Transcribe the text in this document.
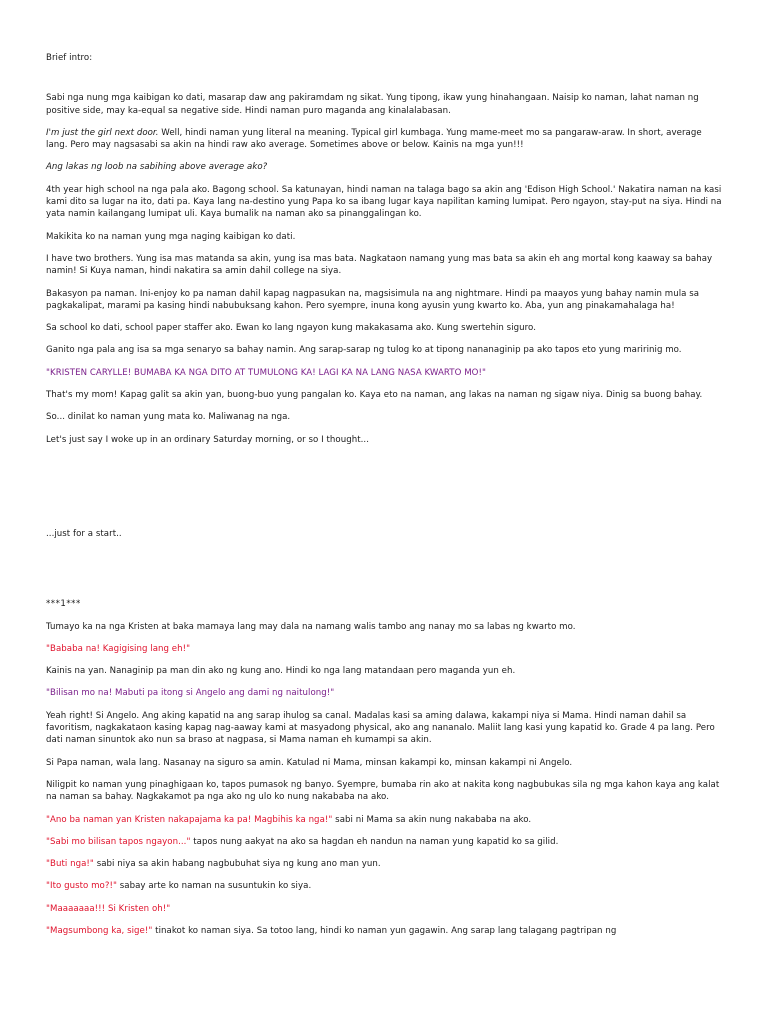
Brief intro:

Sabi nga nung mga kaibigan ko dati, masarap daw ang pakiramdam ng sikat. Yung tipong, ikaw yung hinahangaan. Naisip ko naman, lahat naman ng positive side, may ka-equal sa negative side. Hindi naman puro maganda ang kinalalabasan.

I'm just the girl next door. Well, hindi naman yung literal na meaning. Typical girl kumbaga. Yung mame-meet mo sa pangaraw-araw. In short, average lang. Pero may nagsasabi sa akin na hindi raw ako average. Sometimes above or below. Kainis na mga yun!!!

Ang lakas ng loob na sabihing above average ako?

4th year high school na nga pala ako. Bagong school. Sa katunayan, hindi naman na talaga bago sa akin ang 'Edison High School.' Nakatira naman na kasi kami dito sa lugar na ito, dati pa. Kaya lang na-destino yung Papa ko sa ibang lugar kaya napilitan kaming lumipat. Pero ngayon, stay-put na siya. Hindi na yata namin kailangang lumipat uli. Kaya bumalik na naman ako sa pinanggalingan ko.

Makikita ko na naman yung mga naging kaibigan ko dati.

I have two brothers. Yung isa mas matanda sa akin, yung isa mas bata. Nagkataon namang yung mas bata sa akin eh ang mortal kong kaaway sa bahay namin! Si Kuya naman, hindi nakatira sa amin dahil college na siya.

Bakasyon pa naman. Ini-enjoy ko pa naman dahil kapag nagpasukan na, magsisimula na ang nightmare. Hindi pa maayos yung bahay namin mula sa pagkakalipat, marami pa kasing hindi nabubuksang kahon. Pero syempre, inuna kong ayusin yung kwarto ko. Aba, yun ang pinakamahalaga ha!

Sa school ko dati, school paper staffer ako. Ewan ko lang ngayon kung makakasama ako. Kung swertehin siguro.

Ganito nga pala ang isa sa mga senaryo sa bahay namin. Ang sarap-sarap ng tulog ko at tipong nananaginip pa ako tapos eto yung maririnig mo.

"KRISTEN CARYLLE! BUMABA KA NGA DITO AT TUMULONG KA! LAGI KA NA LANG NASA KWARTO MO!"

That's my mom! Kapag galit sa akin yan, buong-buo yung pangalan ko. Kaya eto na naman, ang lakas na naman ng sigaw niya. Dinig sa buong bahay.

So... dinilat ko naman yung mata ko. Maliwanag na nga.

Let's just say I woke up in an ordinary Saturday morning, or so I thought...

...just for a start..

***1***

Tumayo ka na nga Kristen at baka mamaya lang may dala na namang walis tambo ang nanay mo sa labas ng kwarto mo.

"Bababa na! Kagigising lang eh!"

Kainis na yan. Nanaginip pa man din ako ng kung ano. Hindi ko nga lang matandaan pero maganda yun eh.

"Bilisan mo na! Mabuti pa itong si Angelo ang dami ng naitulong!"

Yeah right! Si Angelo. Ang aking kapatid na ang sarap ihulog sa canal. Madalas kasi sa aming dalawa, kakampi niya si Mama. Hindi naman dahil sa favoritism, nagkakataon kasing kapag nag-aaway kami at masyadong physical, ako ang nananalo. Maliit lang kasi yung kapatid ko. Grade 4 pa lang. Pero dati naman sinuntok ako nun sa braso at nagpasa, si Mama naman eh kumampi sa akin.

Si Papa naman, wala lang. Nasanay na siguro sa amin. Katulad ni Mama, minsan kakampi ko, minsan kakampi ni Angelo.

Niligpit ko naman yung pinaghigaan ko, tapos pumasok ng banyo. Syempre, bumaba rin ako at nakita kong nagbubukas sila ng mga kahon kaya ang kalat na naman sa bahay. Nagkakamot pa nga ako ng ulo ko nung nakababa na ako.

"Ano ba naman yan Kristen nakapajama ka pa! Magbihis ka nga!" sabi ni Mama sa akin nung nakababa na ako.

"Sabi mo bilisan tapos ngayon..." tapos nung aakyat na ako sa hagdan eh nandun na naman yung kapatid ko sa gilid.

"Buti nga!" sabi niya sa akin habang nagbubuhat siya ng kung ano man yun.

"Ito gusto mo?!" sabay arte ko naman na susuntukin ko siya.

"Maaaaaaa!!! Si Kristen oh!"

"Magsumbong ka, sige!" tinakot ko naman siya. Sa totoo lang, hindi ko naman yun gagawin. Ang sarap lang talagang pagtripan ng
